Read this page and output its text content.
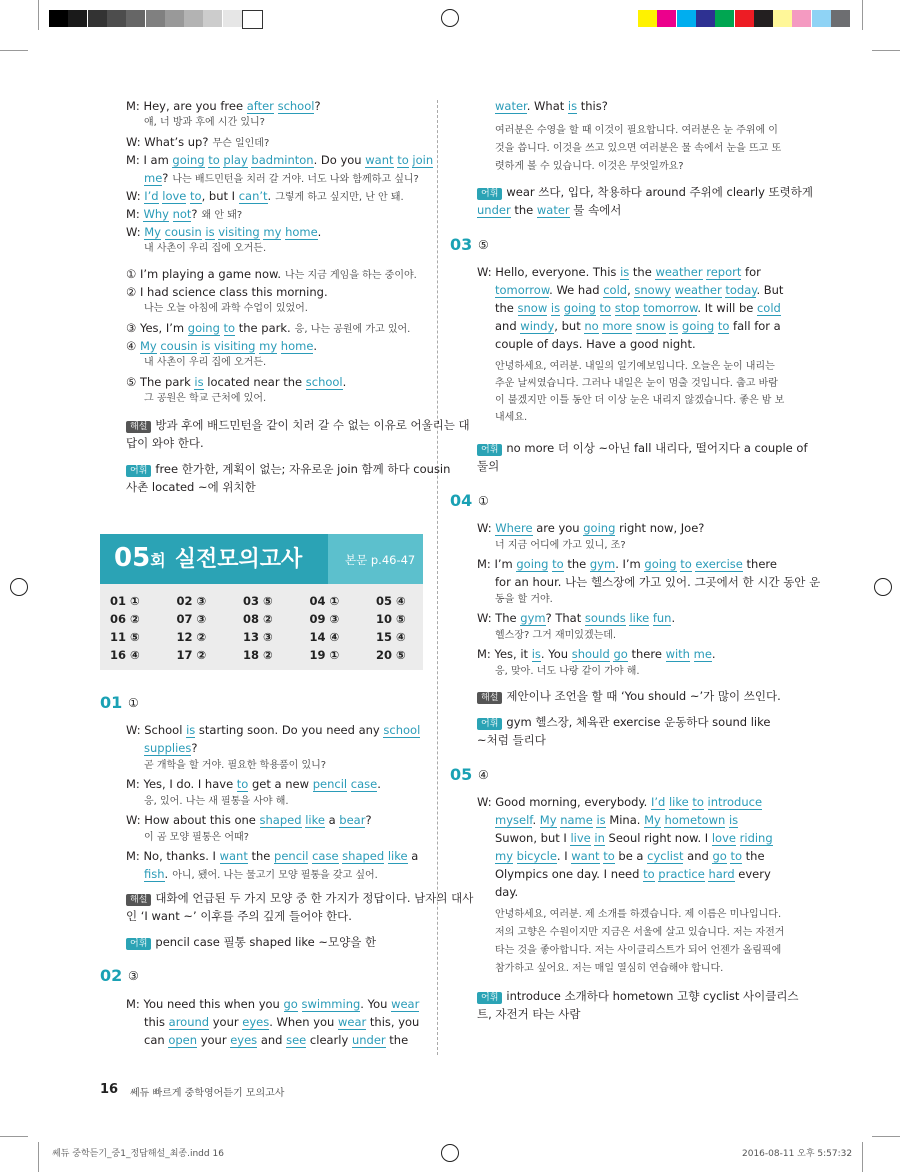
M: Hey, are you free after school?
얘, 너 방과 후에 시간 있니?
W: What’s up? 무슨 일인데?
M: I am going to play badminton. Do you want to join
me? 나는 배드민턴을 치러 갈 거야. 너도 나와 함께하고 싶니?
W: I’d love to, but I can’t. 그렇게 하고 싶지만, 난 안 돼.
M: Why not? 왜 안 돼?
W: My cousin is visiting my home.
내 사촌이 우리 집에 오거든.
① I’m playing a game now. 나는 지금 게임을 하는 중이야.
② I had science class this morning.
나는 오늘 아침에 과학 수업이 있었어.
③ Yes, I’m going to the park. 응, 나는 공원에 가고 있어.
④ My cousin is visiting my home.
내 사촌이 우리 집에 오거든.
⑤ The park is located near the school.
그 공원은 학교 근처에 있어.
해설 방과 후에 배드민턴을 같이 치러 갈 수 없는 이유로 어울리는 대
답이 와야 한다.
어휘 free 한가한, 계획이 없는; 자유로운 join 함께 하다 cousin
사촌 located ~에 위치한
05회 실전모의고사	본문 p.46-47
01 ①	02 ③	03 ⑤	04 ①	05 ④
06 ②	07 ③	08 ②	09 ③	10 ⑤
11 ⑤	12 ②	13 ③	14 ④	15 ④
16 ④	17 ②	18 ②	19 ①	20 ⑤
01 ①
W: School is starting soon. Do you need any school
supplies?
곧 개학을 할 거야. 필요한 학용품이 있니?
M: Yes, I do. I have to get a new pencil case.
응, 있어. 나는 새 필통을 사야 해.
W: How about this one shaped like a bear?
이 곰 모양 필통은 어때?
M: No, thanks. I want the pencil case shaped like a
fish. 아니, 됐어. 나는 물고기 모양 필통을 갖고 싶어.
해설 대화에 언급된 두 가지 모양 중 한 가지가 정답이다. 남자의 대사
인 ‘I want ~’ 이후를 주의 깊게 들어야 한다.
어휘 pencil case 필통 shaped like ~모양을 한
02 ③
M: You need this when you go swimming. You wear
this around your eyes. When you wear this, you
can open your eyes and see clearly under the
16 쎄듀 빠르게 중학영어듣기 모의고사
쎄듀 중학듣기_중1_정답해설_최종.indd 16	2016-08-11 오후 5:57:32
water. What is this?
여러분은 수영을 할 때 이것이 필요합니다. 여러분은 눈 주위에 이
것을 씁니다. 이것을 쓰고 있으면 여러분은 물 속에서 눈을 뜨고 또
렷하게 볼 수 있습니다. 이것은 무엇일까요?
어휘 wear 쓰다, 입다, 착용하다 around 주위에 clearly 또렷하게
under the water 물 속에서
03 ⑤
W: Hello, everyone. This is the weather report for
tomorrow. We had cold, snowy weather today. But
the snow is going to stop tomorrow. It will be cold
and windy, but no more snow is going to fall for a
couple of days. Have a good night.
안녕하세요, 여러분. 내일의 일기예보입니다. 오늘은 눈이 내리는
추운 날씨였습니다. 그러나 내일은 눈이 멈출 것입니다. 춥고 바람
이 불겠지만 이틀 동안 더 이상 눈은 내리지 않겠습니다. 좋은 밤 보
내세요.
어휘 no more 더 이상 ~아닌 fall 내리다, 떨어지다 a couple of
둘의
04 ①
W: Where are you going right now, Joe?
너 지금 어디에 가고 있니, 조?
M: I’m going to the gym. I’m going to exercise there
for an hour. 나는 헬스장에 가고 있어. 그곳에서 한 시간 동안 운
동을 할 거야.
W: The gym? That sounds like fun.
헬스장? 그거 재미있겠는데.
M: Yes, it is. You should go there with me.
응, 맞아. 너도 나랑 같이 가야 해.
해설 제안이나 조언을 할 때 ‘You should ~’가 많이 쓰인다.
어휘 gym 헬스장, 체육관 exercise 운동하다 sound like
~처럼 들리다
05 ④
W: Good morning, everybody. I’d like to introduce
myself. My name is Mina. My hometown is
Suwon, but I live in Seoul right now. I love riding
my bicycle. I want to be a cyclist and go to the
Olympics one day. I need to practice hard every
day.
안녕하세요, 여러분. 제 소개를 하겠습니다. 제 이름은 미나입니다.
저의 고향은 수원이지만 지금은 서울에 살고 있습니다. 저는 자전거
타는 것을 좋아합니다. 저는 사이클리스트가 되어 언젠가 올림픽에
참가하고 싶어요. 저는 매일 열심히 연습해야 합니다.
어휘 introduce 소개하다 hometown 고향 cyclist 사이클리스
트, 자전거 타는 사람
